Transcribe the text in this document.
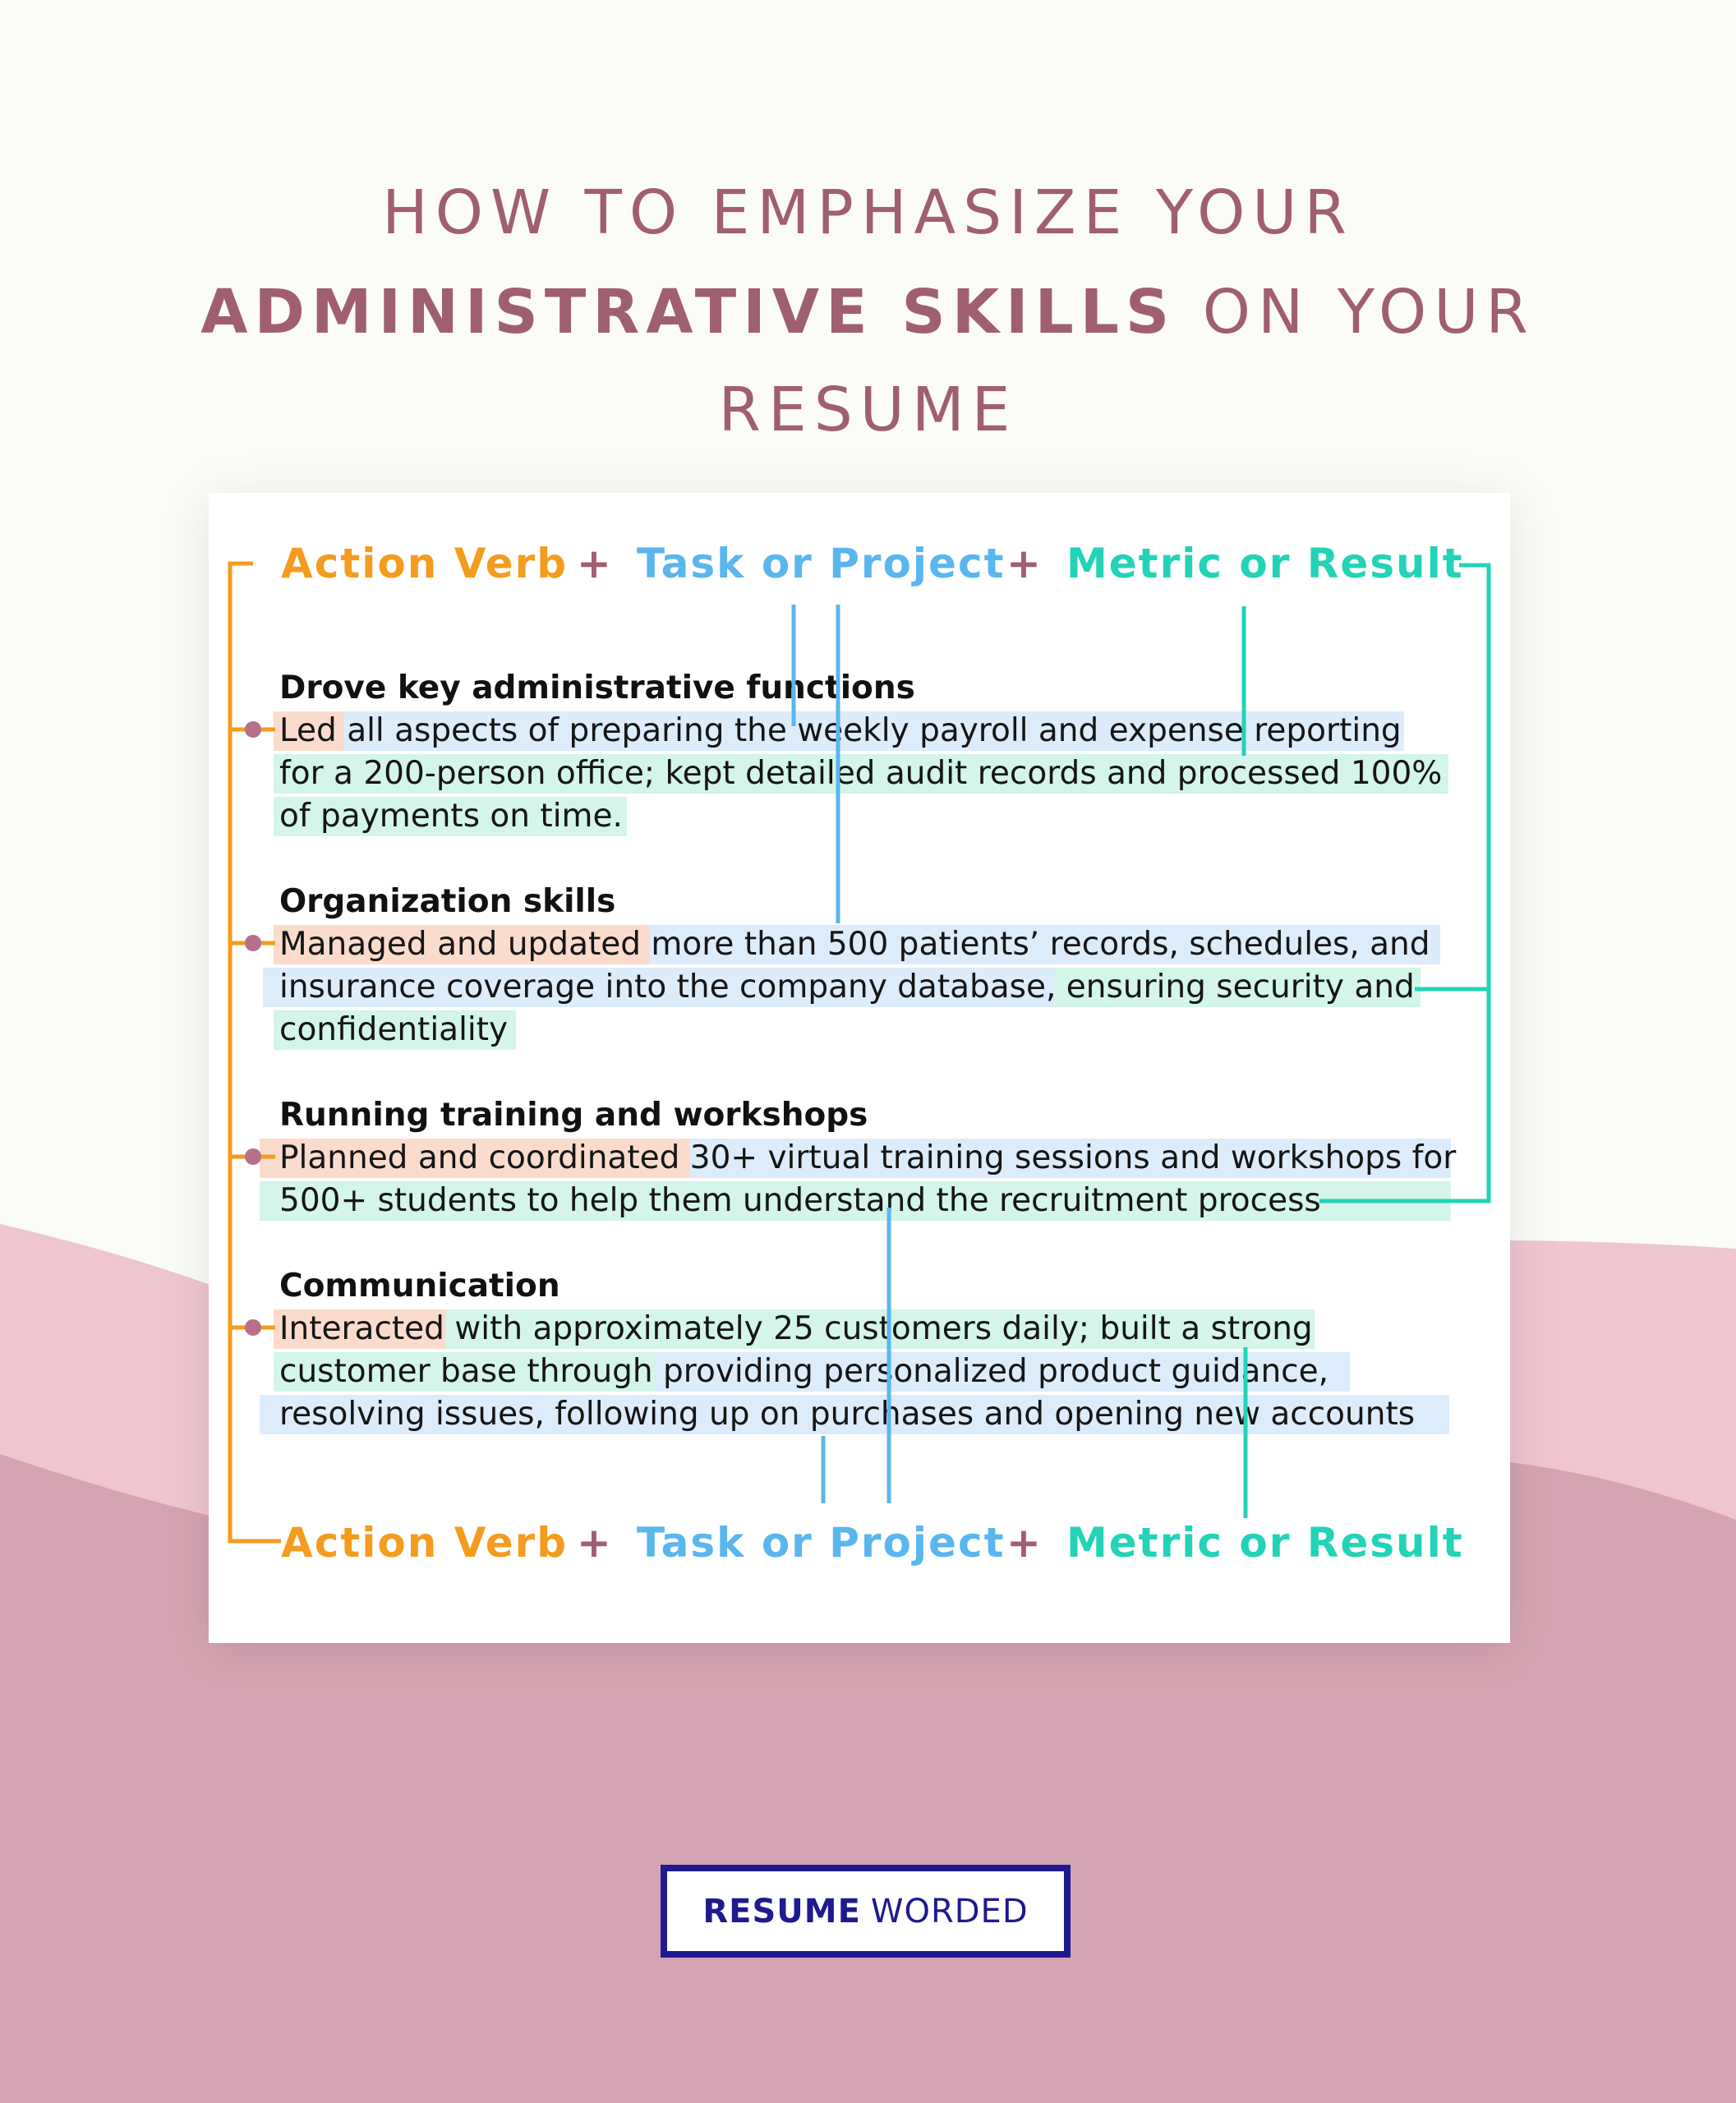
HOW TO EMPHASIZE YOUR
ADMINISTRATIVE SKILLS ON YOUR
RESUME
Action Verb + Task or Project + Metric or Result
Action Verb + Task or Project + Metric or Result
Drove key administrative functions
Led all aspects of preparing the weekly payroll and expense reporting
for a 200-person office; kept detailed audit records and processed 100%
of payments on time.
Organization skills
Managed and updated more than 500 patients’ records, schedules, and
insurance coverage into the company database, ensuring security and
confidentiality
Running training and workshops
Planned and coordinated 30+ virtual training sessions and workshops for
500+ students to help them understand the recruitment process
Communication
Interacted with approximately 25 customers daily; built a strong
customer base through providing personalized product guidance,
resolving issues, following up on purchases and opening new accounts
RESUME WORDED
